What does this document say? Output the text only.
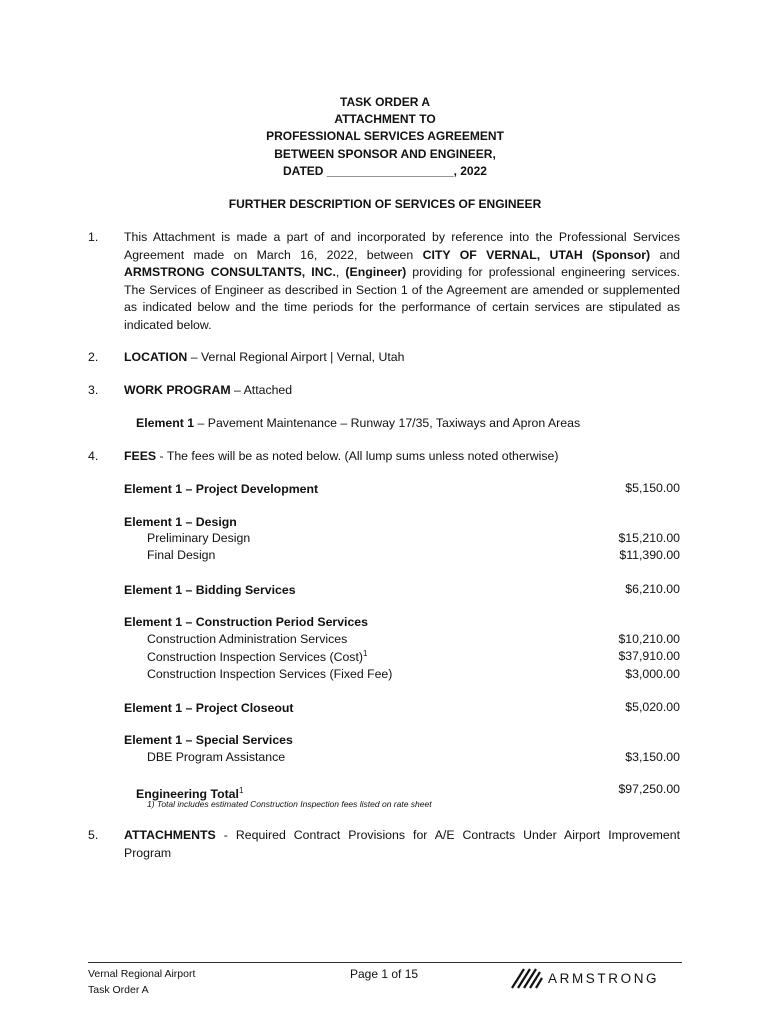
TASK ORDER A
ATTACHMENT TO
PROFESSIONAL SERVICES AGREEMENT
BETWEEN SPONSOR AND ENGINEER,
DATED ___________________, 2022
FURTHER DESCRIPTION OF SERVICES OF ENGINEER
1. This Attachment is made a part of and incorporated by reference into the Professional Services Agreement made on March 16, 2022, between CITY OF VERNAL, UTAH (Sponsor) and ARMSTRONG CONSULTANTS, INC., (Engineer) providing for professional engineering services. The Services of Engineer as described in Section 1 of the Agreement are amended or supplemented as indicated below and the time periods for the performance of certain services are stipulated as indicated below.
2. LOCATION – Vernal Regional Airport | Vernal, Utah
3. WORK PROGRAM – Attached
Element 1 – Pavement Maintenance – Runway 17/35, Taxiways and Apron Areas
4. FEES - The fees will be as noted below. (All lump sums unless noted otherwise)
Element 1 – Project Development	$5,150.00
Element 1 – Design
Preliminary Design	$15,210.00
Final Design	$11,390.00
Element 1 – Bidding Services	$6,210.00
Element 1 – Construction Period Services
Construction Administration Services	$10,210.00
Construction Inspection Services (Cost)$^1$	$37,910.00
Construction Inspection Services (Fixed Fee)	$3,000.00
Element 1 – Project Closeout	$5,020.00
Element 1 – Special Services
DBE Program Assistance	$3,150.00
Engineering Total$^1$	$97,250.00
1) Total includes estimated Construction Inspection fees listed on rate sheet
5. ATTACHMENTS - Required Contract Provisions for A/E Contracts Under Airport Improvement Program
Vernal Regional Airport
Task Order A
Page 1 of 15	ARMSTRONG
